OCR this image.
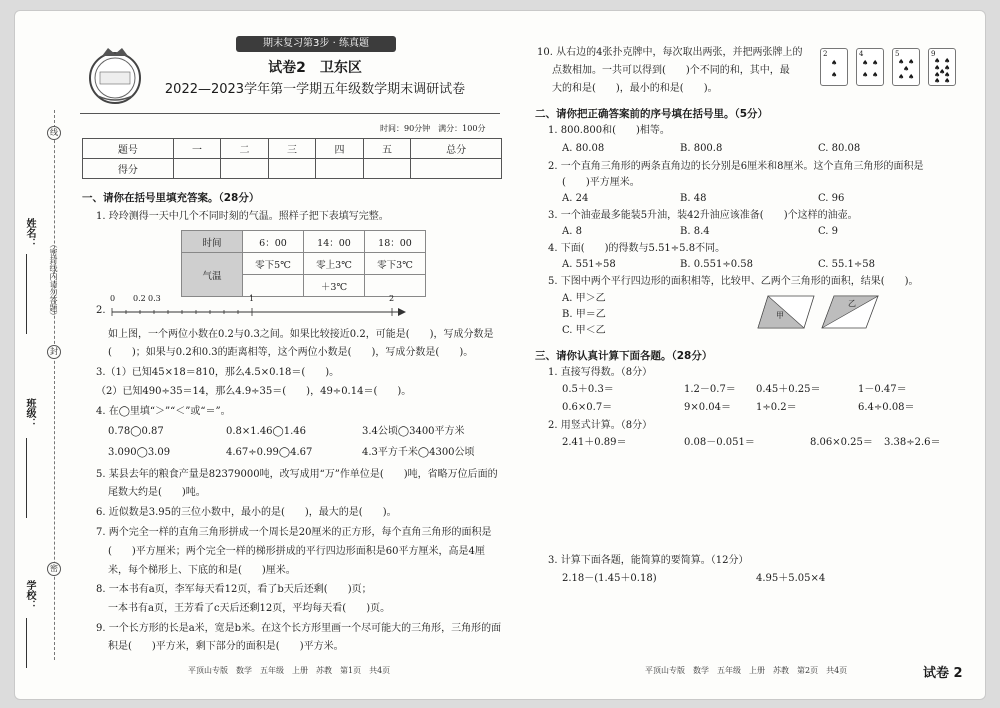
线
封
密
（密封线内请勿答题）
姓名：
班级：
学校：
期末复习第3步 · 练真题
试卷2　卫东区
2022—2023学年第一学期五年级数学期末调研试卷
时间：90分钟　满分：100分
题号	一	二	三	四	五	总分
得分						
一、请你在括号里填充答案。（28分）
1. 玲玲测得一天中几个不同时刻的气温。照样子把下表填写完整。
时间	6：00	14：00	18：00
气温	零下5℃	零上3℃	零下3℃
		＋3℃	
2.
0 0.2 0.3	1	2
如上图，一个两位小数在0.2与0.3之间。如果比较接近0.2，可能是(　　)，写成分数是
(　　)；如果与0.2和0.3的距离相等，这个两位小数是(　　)，写成分数是(　　)。
3.（1）已知45×18＝810，那么4.5×0.18＝(　　)。
（2）已知490÷35＝14，那么4.9÷35＝(　　)，49÷0.14＝(　　)。
4. 在◯里填“＞”“＜”或“＝”。
0.78◯0.87	0.8×1.46◯1.46	3.4公顷◯3400平方米
3.090◯3.09	4.67÷0.99◯4.67	4.3平方千米◯4300公顷
5. 某县去年的粮食产量是82379000吨，改写成用“万”作单位是(　　)吨，省略万位后面的
尾数大约是(　　)吨。
6. 近似数是3.95的三位小数中，最小的是(　　)，最大的是(　　)。
7. 两个完全一样的直角三角形拼成一个周长是20厘米的正方形，每个直角三角形的面积是
(　　)平方厘米；两个完全一样的梯形拼成的平行四边形面积是60平方厘米，高是4厘
米，每个梯形上、下底的和是(　　)厘米。
8. 一本书有a页，李军每天看12页，看了b天后还剩(　　)页；
一本书有a页，王芳看了c天后还剩12页，平均每天看(　　)页。
9. 一个长方形的长是a米，宽是b米。在这个长方形里画一个尽可能大的三角形，三角形的面
积是(　　)平方米，剩下部分的面积是(　　)平方米。
平顶山专版　数学　五年级　上册　苏教　第1页　共4页
10. 从右边的4张扑克牌中，每次取出两张，并把两张牌上的
点数相加。一共可以得到(　　)个不同的和，其中，最
大的和是(　　)，最小的和是(　　)。
2
♠
♠
4
♠ ♠
♠ ♠
5
♠ ♠
♠
♠ ♠
9
♠ ♠
♠ ♠
♠
♠ ♠
♠ ♠
二、请你把正确答案前的序号填在括号里。（5分）
1. 800.800和(　　)相等。
A. 80.08	B. 800.8	C. 80.08
2. 一个直角三角形的两条直角边的长分别是6厘米和8厘米。这个直角三角形的面积是
(　　)平方厘米。
A. 24	B. 48	C. 96
3. 一个油壶最多能装5升油，装42升油应该准备(　　)个这样的油壶。
A. 8	B. 8.4	C. 9
4. 下面(　　)的得数与5.51÷5.8不同。
A. 551÷58	B. 0.551÷0.58	C. 55.1÷58
5. 下图中两个平行四边形的面积相等，比较甲、乙两个三角形的面积，结果(　　)。
A. 甲＞乙
B. 甲＝乙
C. 甲＜乙
甲
乙
三、请你认真计算下面各题。（28分）
1. 直接写得数。（8分）
0.5＋0.3＝	1.2－0.7＝ 0.45＋0.25＝	1－0.47＝
0.6×0.7＝	9×0.04＝ 1÷0.2＝	6.4÷0.08＝
2. 用竖式计算。（8分）
2.41＋0.89＝	0.08－0.051＝	8.06×0.25＝ 3.38÷2.6＝
3. 计算下面各题，能简算的要简算。（12分）
2.18－(1.45＋0.18)	4.95＋5.05×4
平顶山专版　数学　五年级　上册　苏教　第2页　共4页	试卷 2
